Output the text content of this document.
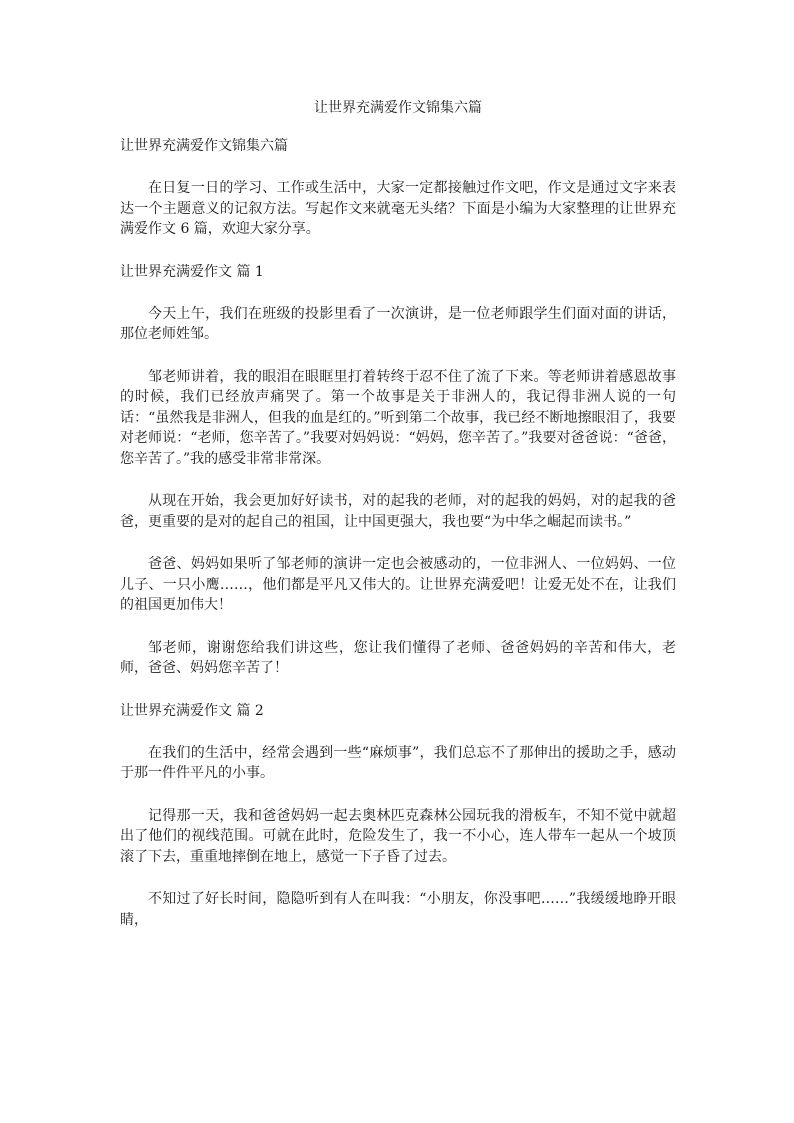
让世界充满爱作文锦集六篇
让世界充满爱作文锦集六篇

在日复一日的学习、工作或生活中，大家一定都接触过作文吧，作文是通过文字来表达一个主题意义的记叙方法。写起作文来就毫无头绪？下面是小编为大家整理的让世界充满爱作文 6 篇，欢迎大家分享。

让世界充满爱作文 篇 1

今天上午，我们在班级的投影里看了一次演讲，是一位老师跟学生们面对面的讲话，那位老师姓邹。

邹老师讲着，我的眼泪在眼眶里打着转终于忍不住了流了下来。等老师讲着感恩故事的时候，我们已经放声痛哭了。第一个故事是关于非洲人的，我记得非洲人说的一句话：“虽然我是非洲人，但我的血是红的。”听到第二个故事，我已经不断地擦眼泪了，我要对老师说：“老师，您辛苦了。”我要对妈妈说：“妈妈，您辛苦了。”我要对爸爸说：“爸爸，您辛苦了。”我的感受非常非常深。

从现在开始，我会更加好好读书，对的起我的老师，对的起我的妈妈，对的起我的爸爸，更重要的是对的起自己的祖国，让中国更强大，我也要“为中华之崛起而读书。”

爸爸、妈妈如果听了邹老师的演讲一定也会被感动的，一位非洲人、一位妈妈、一位儿子、一只小鹰……，他们都是平凡又伟大的。让世界充满爱吧！让爱无处不在，让我们的祖国更加伟大！

邹老师，谢谢您给我们讲这些，您让我们懂得了老师、爸爸妈妈的辛苦和伟大，老师，爸爸、妈妈您辛苦了！

让世界充满爱作文 篇 2

在我们的生活中，经常会遇到一些“麻烦事”，我们总忘不了那伸出的援助之手，感动于那一件件平凡的小事。

记得那一天，我和爸爸妈妈一起去奥林匹克森林公园玩我的滑板车，不知不觉中就超出了他们的视线范围。可就在此时，危险发生了，我一不小心，连人带车一起从一个坡顶滚了下去，重重地摔倒在地上，感觉一下子昏了过去。

不知过了好长时间，隐隐听到有人在叫我：“小朋友，你没事吧……”我缓缓地睁开眼睛，
